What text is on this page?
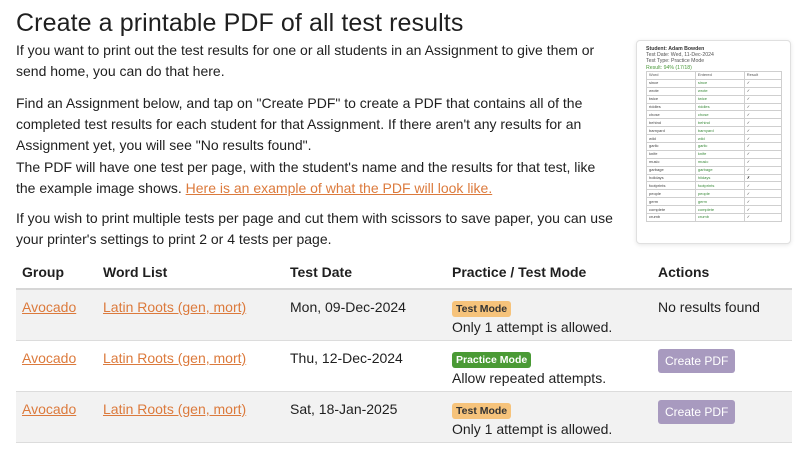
Create a printable PDF of all test results

If you want to print out the test results for one or all students in an Assignment to give them or send home, you can do that here.

Find an Assignment below, and tap on "Create PDF" to create a PDF that contains all of the completed test results for each student for that Assignment. If there aren't any results for an Assignment yet, you will see "No results found".

The PDF will have one test per page, with the student's name and the results for that test, like the example image shows. Here is an example of what the PDF will look like.

If you wish to print multiple tests per page and cut them with scissors to save paper, you can use your printer's settings to print 2 or 4 tests per page.

Student: Adam Bowden
Test Date: Wed, 11-Dec-2024
Test Type: Practice Mode
Result: 94% (17/18)
Word	Entered	Result
since	since	✓
wrote	wrote	✓
twice	twice	✓
riddles	riddles	✓
chose	chose	✓
behind	behind	✓
barnyard	barnyard	✓
wild	wild	✓
garlic	garlic	✓
knife	knife	✓
music	music	✓
garbage	garbage	✓
holidays	hiidays	✗
footprints	footprints	✓
people	people	✓
germ	germ	✓
complete	complete	✓
crumb	crumb	✓
Group	Word List	Test Date	Practice / Test Mode	Actions
Avocado	Latin Roots (gen, mort)	Mon, 09-Dec-2024	Test Mode
Only 1 attempt is allowed.	No results found
Avocado	Latin Roots (gen, mort)	Thu, 12-Dec-2024	Practice Mode
Allow repeated attempts.	Create PDF
Avocado	Latin Roots (gen, mort)	Sat, 18-Jan-2025	Test Mode
Only 1 attempt is allowed.	Create PDF
